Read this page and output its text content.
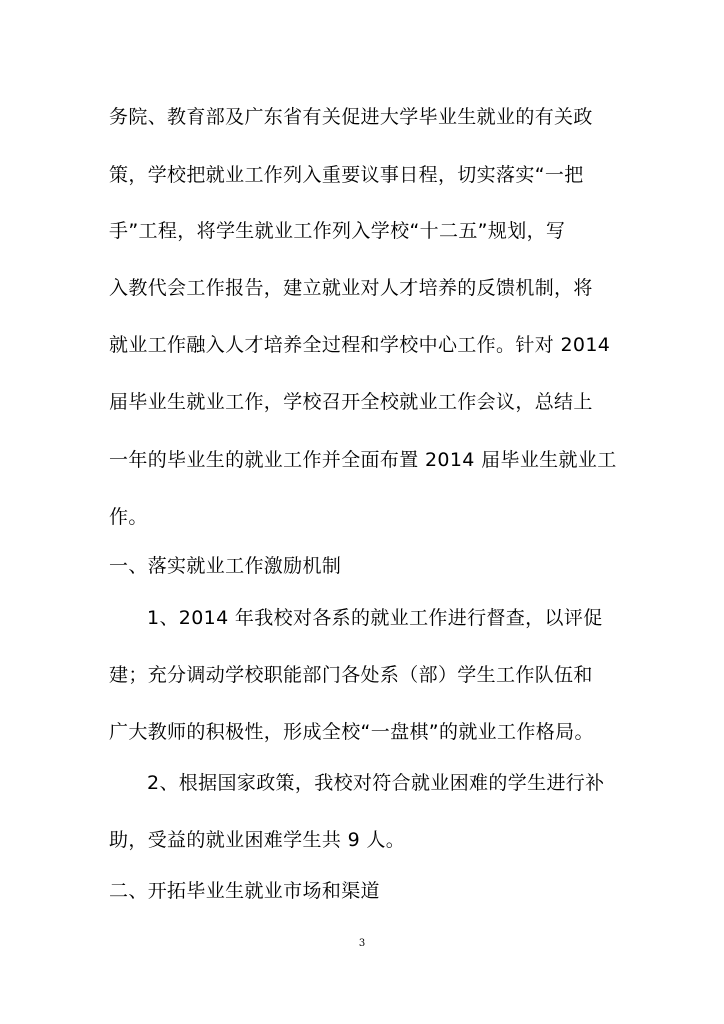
务院、教育部及广东省有关促进大学毕业生就业的有关政
策，学校把就业工作列入重要议事日程，切实落实“一把
手”工程，将学生就业工作列入学校“十二五”规划，写
入教代会工作报告，建立就业对人才培养的反馈机制，将
就业工作融入人才培养全过程和学校中心工作。针对 2014
届毕业生就业工作，学校召开全校就业工作会议，总结上
一年的毕业生的就业工作并全面布置 2014 届毕业生就业工
作。
一、落实就业工作激励机制
1、2014 年我校对各系的就业工作进行督查，以评促
建；充分调动学校职能部门各处系（部）学生工作队伍和
广大教师的积极性，形成全校“一盘棋”的就业工作格局。
2、根据国家政策，我校对符合就业困难的学生进行补
助，受益的就业困难学生共 9 人。
二、开拓毕业生就业市场和渠道
3
